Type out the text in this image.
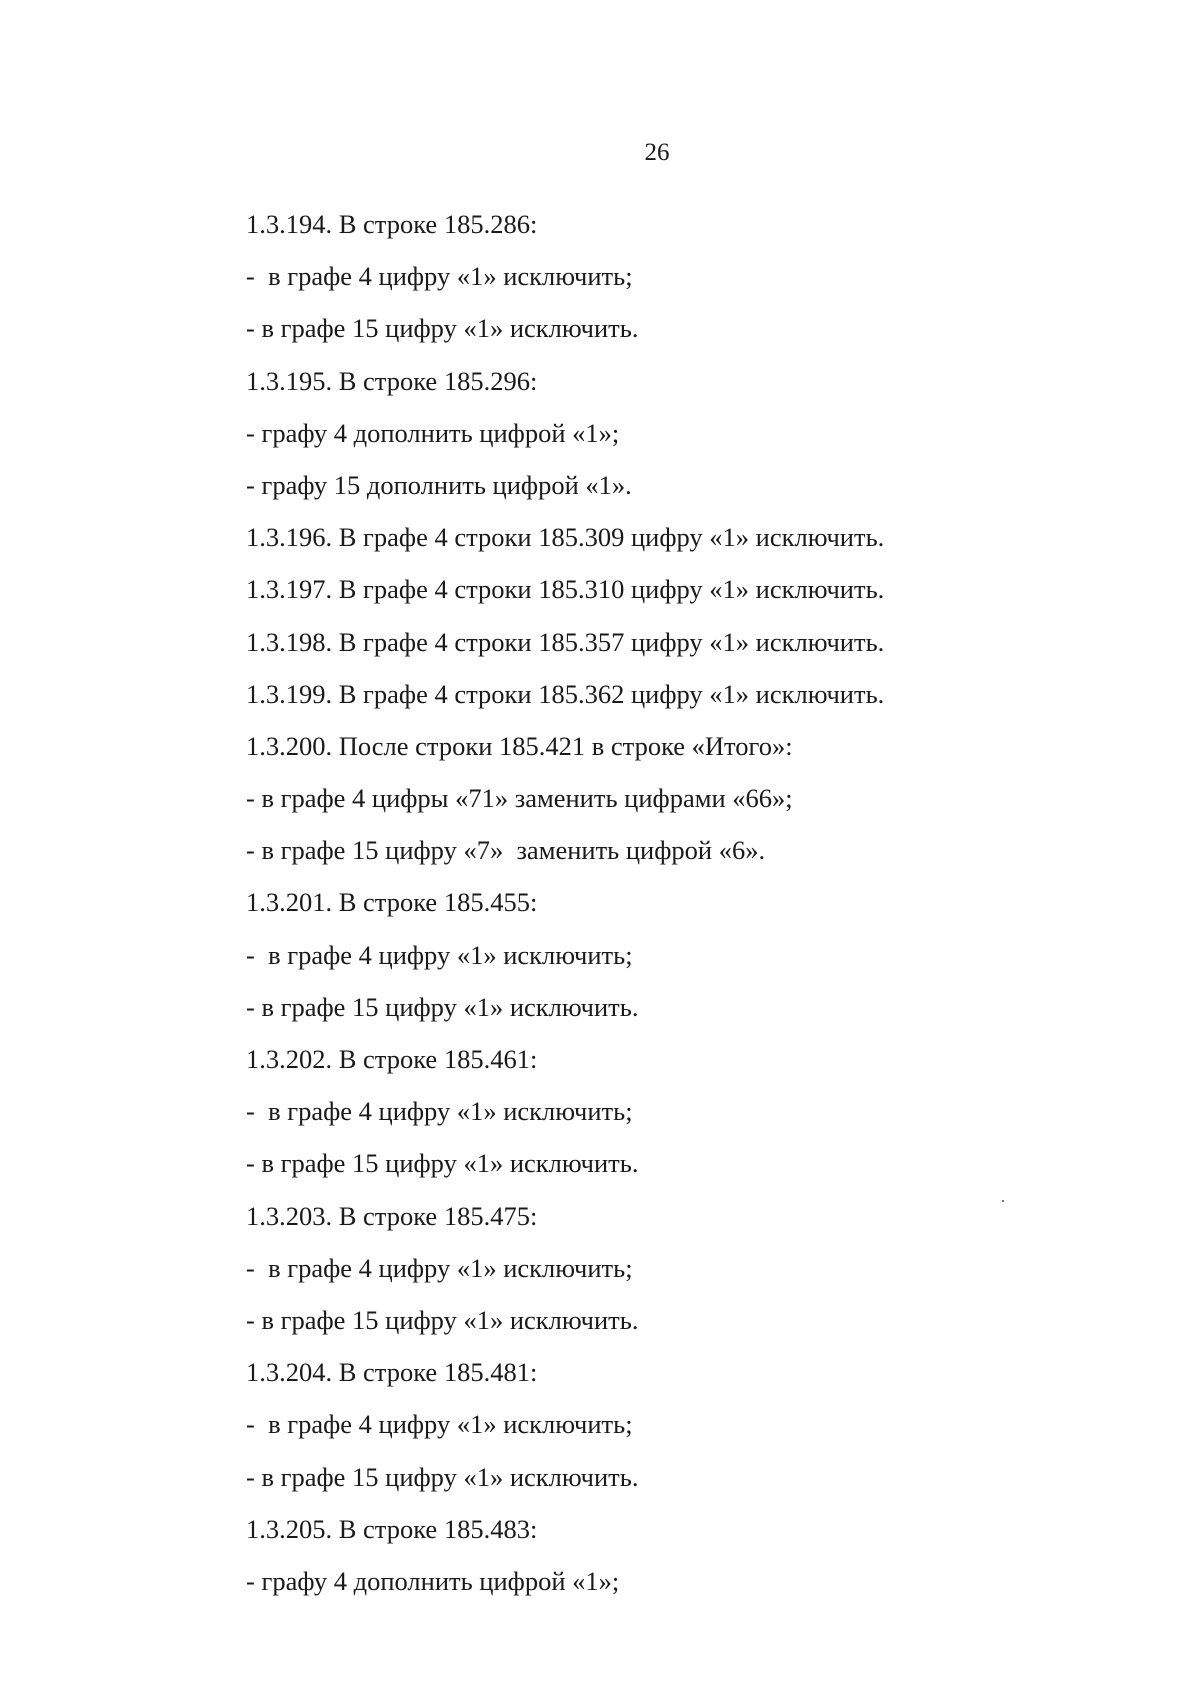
26
1.3.194. В строке 185.286:
-  в графе 4 цифру «1» исключить;
- в графе 15 цифру «1» исключить.
1.3.195. В строке 185.296:
- графу 4 дополнить цифрой «1»;
- графу 15 дополнить цифрой «1».
1.3.196. В графе 4 строки 185.309 цифру «1» исключить.
1.3.197. В графе 4 строки 185.310 цифру «1» исключить.
1.3.198. В графе 4 строки 185.357 цифру «1» исключить.
1.3.199. В графе 4 строки 185.362 цифру «1» исключить.
1.3.200. После строки 185.421 в строке «Итого»:
- в графе 4 цифры «71» заменить цифрами «66»;
- в графе 15 цифру «7»  заменить цифрой «6».
1.3.201. В строке 185.455:
-  в графе 4 цифру «1» исключить;
- в графе 15 цифру «1» исключить.
1.3.202. В строке 185.461:
-  в графе 4 цифру «1» исключить;
- в графе 15 цифру «1» исключить.
1.3.203. В строке 185.475:
-  в графе 4 цифру «1» исключить;
- в графе 15 цифру «1» исключить.
1.3.204. В строке 185.481:
-  в графе 4 цифру «1» исключить;
- в графе 15 цифру «1» исключить.
1.3.205. В строке 185.483:
- графу 4 дополнить цифрой «1»;
